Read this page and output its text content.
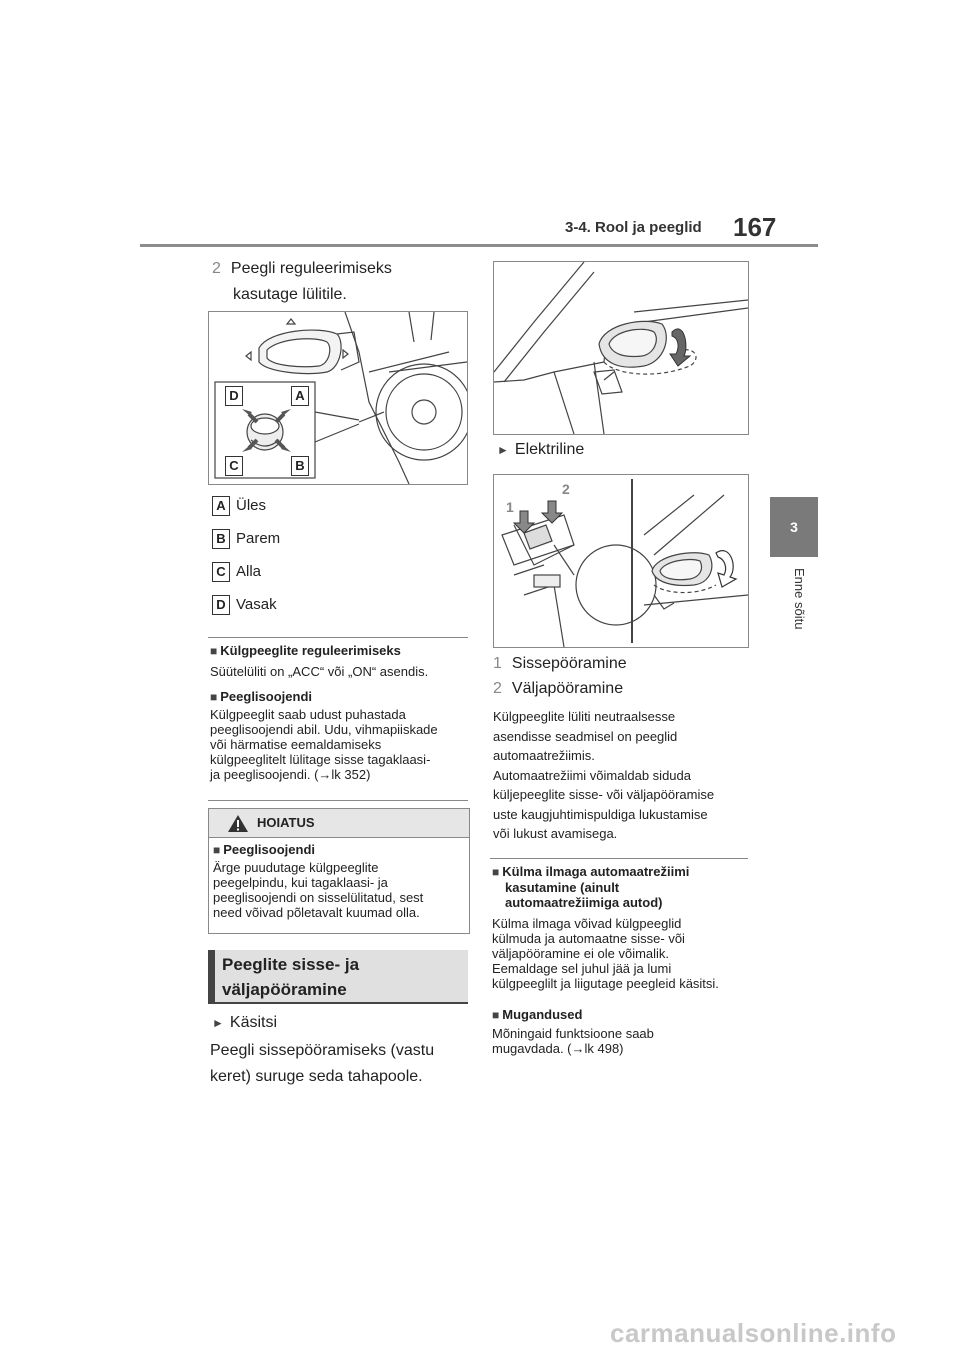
3-4. Rool ja peeglid 167
3
Enne sõitu
2 Peegli reguleerimiseks
kasutage lülitile.
D	A
C	B
A Üles
B Parem
C Alla
D Vasak
■ Külgpeeglite reguleerimiseks
Süütelüliti on „ACC“ või „ON“ asendis.
■ Peeglisoojendi
Külgpeeglit saab udust puhastada
peeglisoojendi abil. Udu, vihmapiiskade
või härmatise eemaldamiseks
külgpeeglitelt lülitage sisse tagaklaasi-
ja peeglisoojendi. (→lk 352)
HOIATUS
■ Peeglisoojendi
Ärge puudutage külgpeeglite
peegelpindu, kui tagaklaasi- ja
peeglisoojendi on sisselülitatud, sest
need võivad põletavalt kuumad olla.
Peeglite sisse- ja
väljapööramine
► Käsitsi
Peegli sissepööramiseks (vastu
keret) suruge seda tahapoole.
► Elektriline
1
2
1 Sissepööramine
2 Väljapööramine
Külgpeeglite lüliti neutraalsesse
asendisse seadmisel on peeglid
automaatrežiimis.
Automaatrežiimi võimaldab siduda
küljepeeglite sisse- või väljapööramise
uste kaugjuhtimispuldiga lukustamise
või lukust avamisega.
■ Külma ilmaga automaatrežiimi
kasutamine (ainult
automaatrežiimiga autod)
Külma ilmaga võivad külgpeeglid
külmuda ja automaatne sisse- või
väljapööramine ei ole võimalik.
Eemaldage sel juhul jää ja lumi
külgpeeglilt ja liigutage peegleid käsitsi.
■ Mugandused
Mõningaid funktsioone saab
mugavdada. (→lk 498)
carmanualsonline.info
